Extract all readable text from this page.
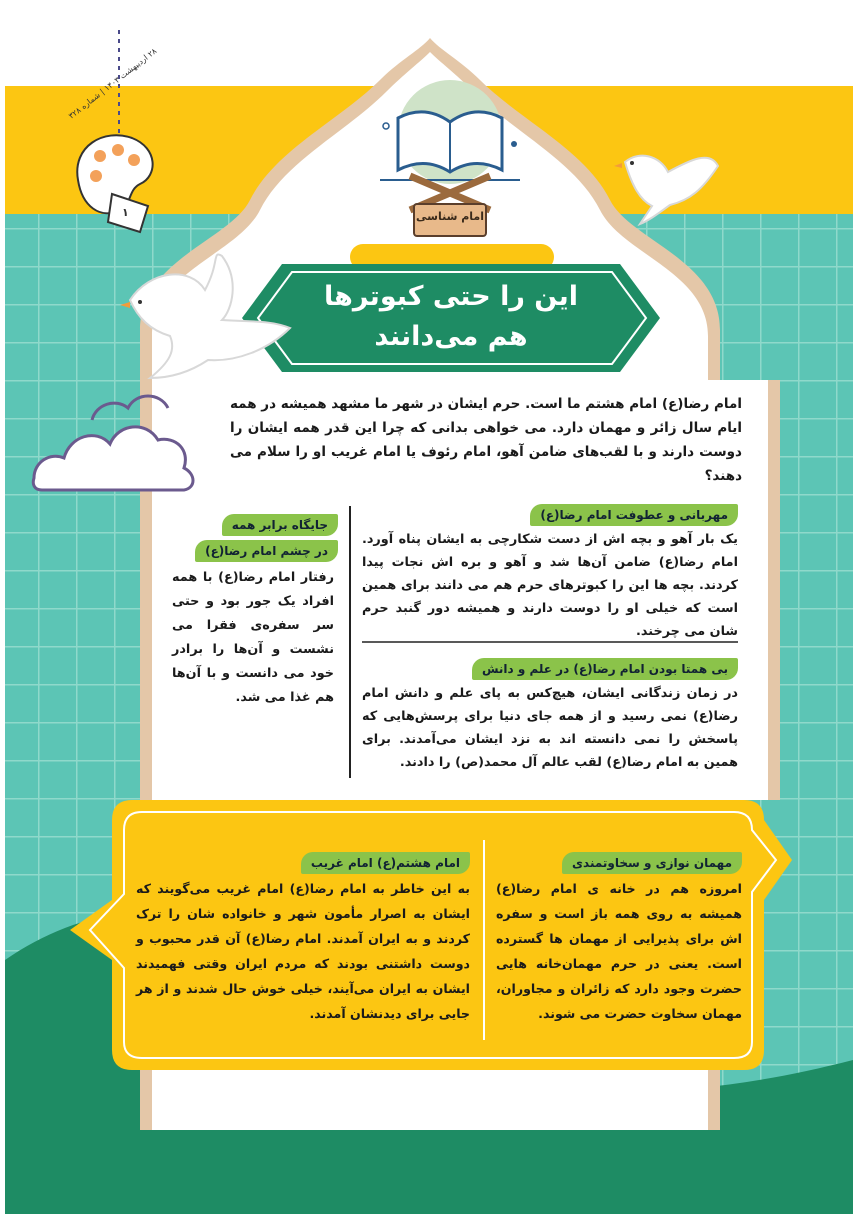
امام شناسی
۲۸ اردیبهشت ۱۴۰۳ | شماره ۳۲۸
۱
این را حتی کبوترها
هم می‌دانند
امام رضا(ع) امام هشتم ما است. حرم ایشان در شهر ما مشهد همیشه در همه ایام سال زائر و مهمان دارد. می خواهی بدانی که چرا این قدر همه ایشان را دوست دارند و با لقب‌های ضامن آهو، امام رئوف یا امام غریب او را سلام می دهند؟
مهربانی و عطوفت امام رضا(ع)
یک بار آهو و بچه اش از دست شکارچی به ایشان پناه آورد. امام رضا(ع) ضامن آن‌ها شد و آهو و بره اش نجات پیدا کردند. بچه ها این را کبوترهای حرم هم می دانند برای همین است که خیلی او را دوست دارند و همیشه دور گنبد حرم شان می چرخند.
بی همتا بودن امام رضا(ع) در علم و دانش
در زمان زندگانی ایشان، هیچ‌کس به پای علم و دانش امام رضا(ع) نمی رسید و از همه جای دنیا برای پرسش‌هایی که پاسخش را نمی دانسته اند به نزد ایشان می‌آمدند. برای همین به امام رضا(ع) لقب عالم آل محمد(ص) را دادند.
جایگاه برابر همه
در چشم امام رضا(ع)
رفتار امام رضا(ع) با همه افراد یک جور بود و حتی سر سفره‌ی فقرا می نشست و آن‌ها را برادر خود می دانست و با آن‌ها هم غذا می شد.
مهمان نوازی و سخاوتمندی
امروزه هم در خانه ی امام رضا(ع) همیشه به روی همه باز است و سفره اش برای پذیرایی از مهمان ها گسترده است. یعنی در حرم مهمان‌خانه هایی حضرت وجود دارد که زائران و مجاوران، مهمان سخاوت حضرت می شوند.
امام هشتم(ع) امام غریب
به این خاطر به امام رضا(ع) امام غریب می‌گویند که ایشان به اصرار مأمون شهر و خانواده شان را ترک کردند و به ایران آمدند. امام رضا(ع) آن قدر محبوب و دوست داشتنی بودند که مردم ایران وقتی فهمیدند ایشان به ایران می‌آیند، خیلی خوش حال شدند و از هر جایی برای دیدنشان آمدند.
